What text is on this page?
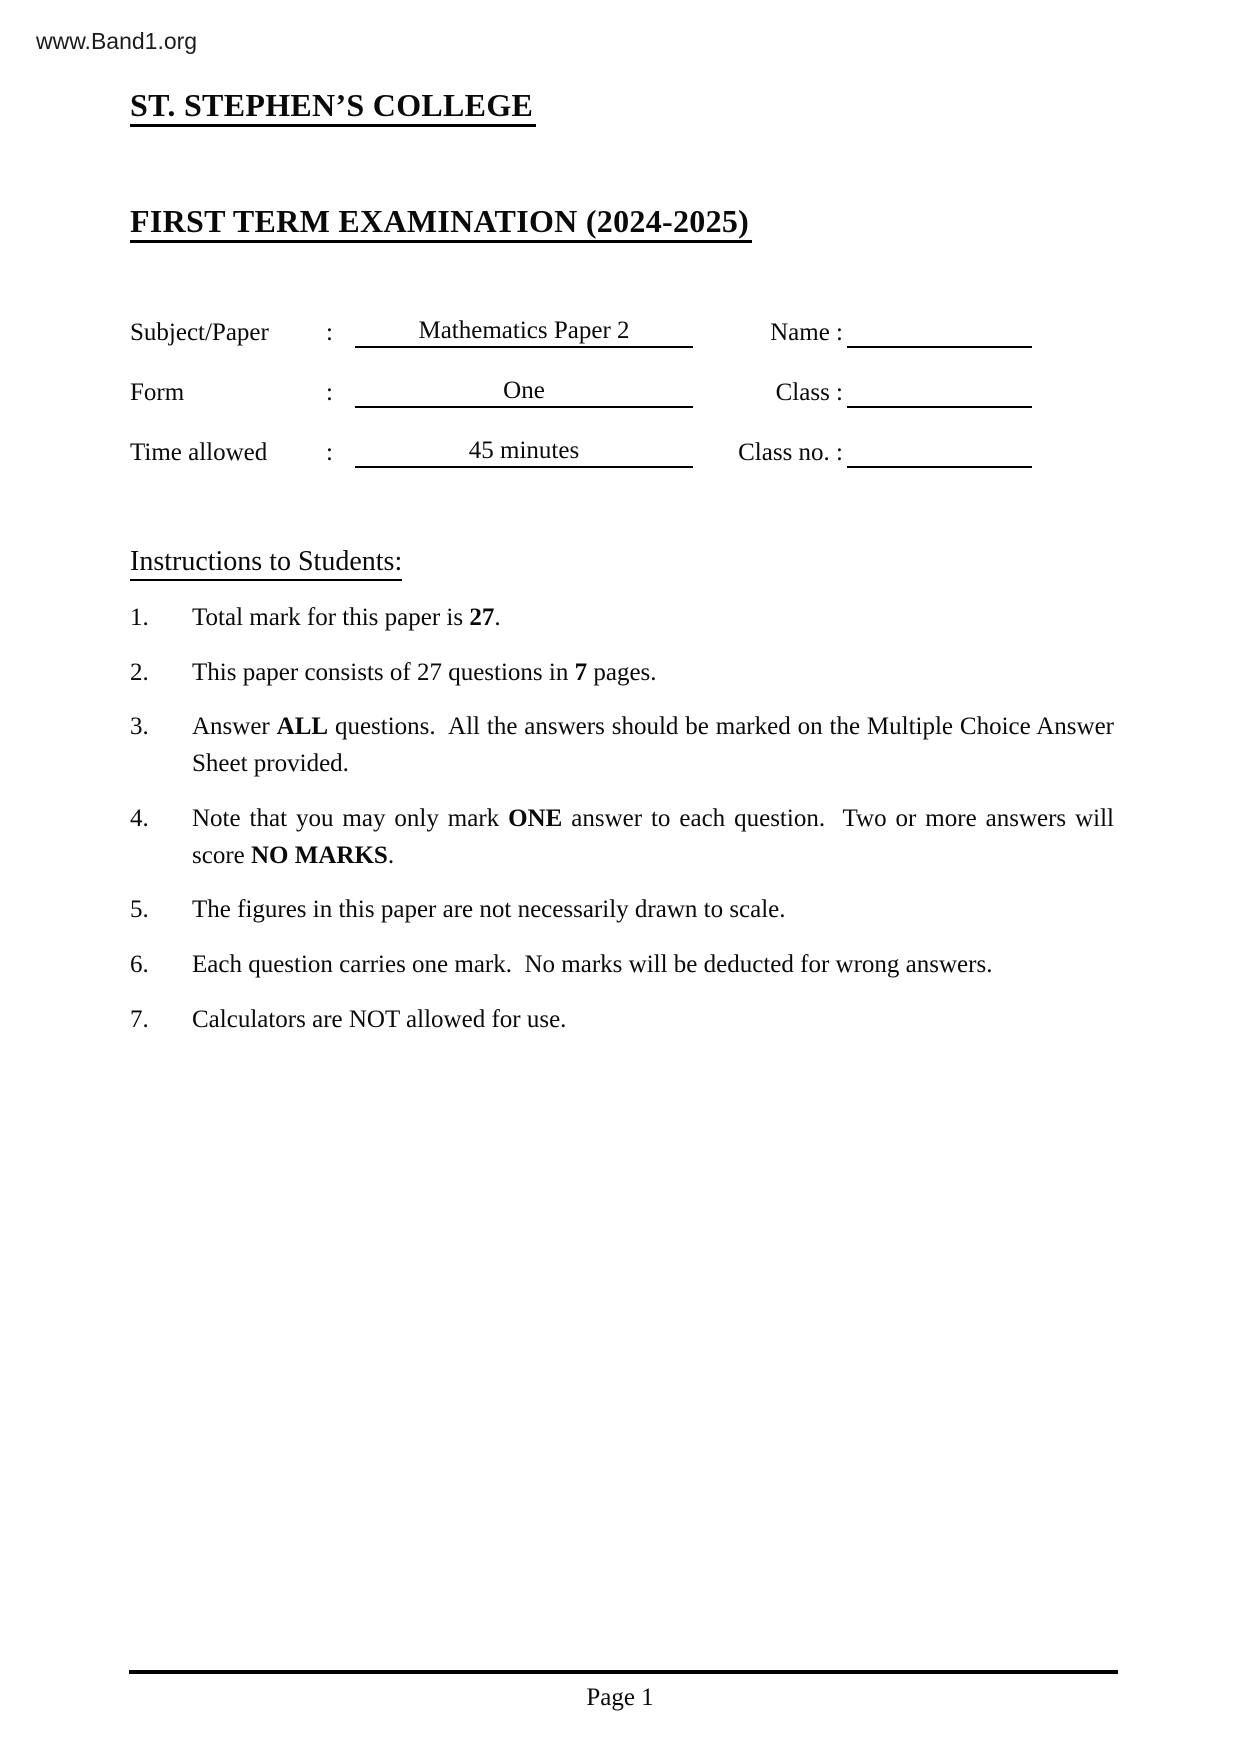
www.Band1.org
ST. STEPHEN’S COLLEGE
FIRST TERM EXAMINATION (2024-2025)
Subject/Paper :	Mathematics Paper 2	Name :
Form	:	One	Class :
Time allowed :	45 minutes	Class no. :
Instructions to Students:
1. Total mark for this paper is 27.
2. This paper consists of 27 questions in 7 pages.
3. Answer ALL questions.  All the answers should be marked on the Multiple Choice Answer Sheet provided.
4. Note that you may only mark ONE answer to each question.  Two or more answers will score NO MARKS.
5. The figures in this paper are not necessarily drawn to scale.
6. Each question carries one mark.  No marks will be deducted for wrong answers.
7. Calculators are NOT allowed for use.
Page 1
